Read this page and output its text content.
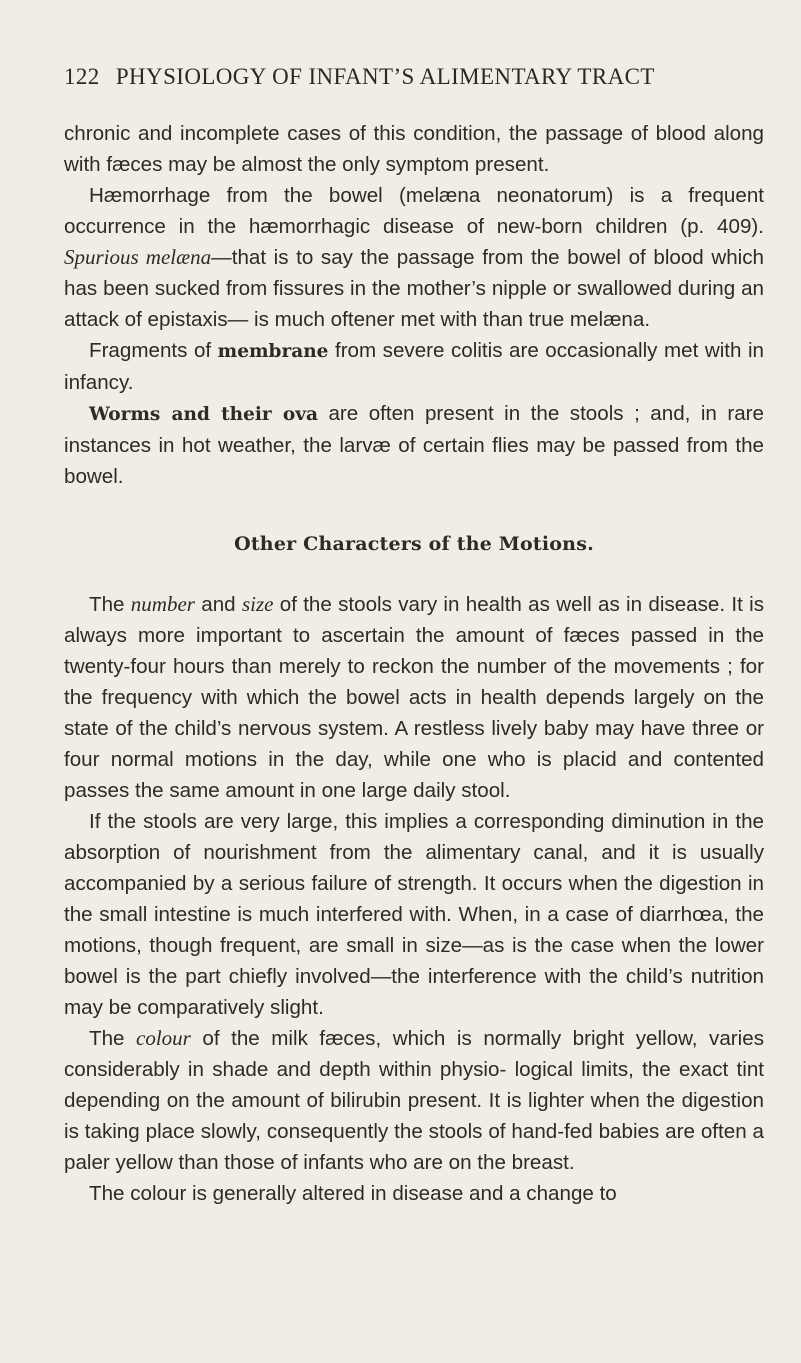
122 PHYSIOLOGY OF INFANT’S ALIMENTARY TRACT

chronic and incomplete cases of this condition, the passage of blood along with fæces may be almost the only symptom present.

Hæmorrhage from the bowel (melæna neonatorum) is a frequent occurrence in the hæmorrhagic disease of new-born children (p. 409). Spurious melæna—that is to say the passage from the bowel of blood which has been sucked from fissures in the mother’s nipple or swallowed during an attack of epistaxis— is much oftener met with than true melæna.

Fragments of membrane from severe colitis are occasionally met with in infancy.

Worms and their ova are often present in the stools ; and, in rare instances in hot weather, the larvæ of certain flies may be passed from the bowel.

Other Characters of the Motions.

The number and size of the stools vary in health as well as in disease. It is always more important to ascertain the amount of fæces passed in the twenty-four hours than merely to reckon the number of the movements ; for the frequency with which the bowel acts in health depends largely on the state of the child’s nervous system. A restless lively baby may have three or four normal motions in the day, while one who is placid and contented passes the same amount in one large daily stool.

If the stools are very large, this implies a corresponding diminution in the absorption of nourishment from the alimentary canal, and it is usually accompanied by a serious failure of strength. It occurs when the digestion in the small intestine is much interfered with. When, in a case of diarrhœa, the motions, though frequent, are small in size—as is the case when the lower bowel is the part chiefly involved—the interference with the child’s nutrition may be comparatively slight.

The colour of the milk fæces, which is normally bright yellow, varies considerably in shade and depth within physio- logical limits, the exact tint depending on the amount of bilirubin present. It is lighter when the digestion is taking place slowly, consequently the stools of hand-fed babies are often a paler yellow than those of infants who are on the breast.

The colour is generally altered in disease and a change to
